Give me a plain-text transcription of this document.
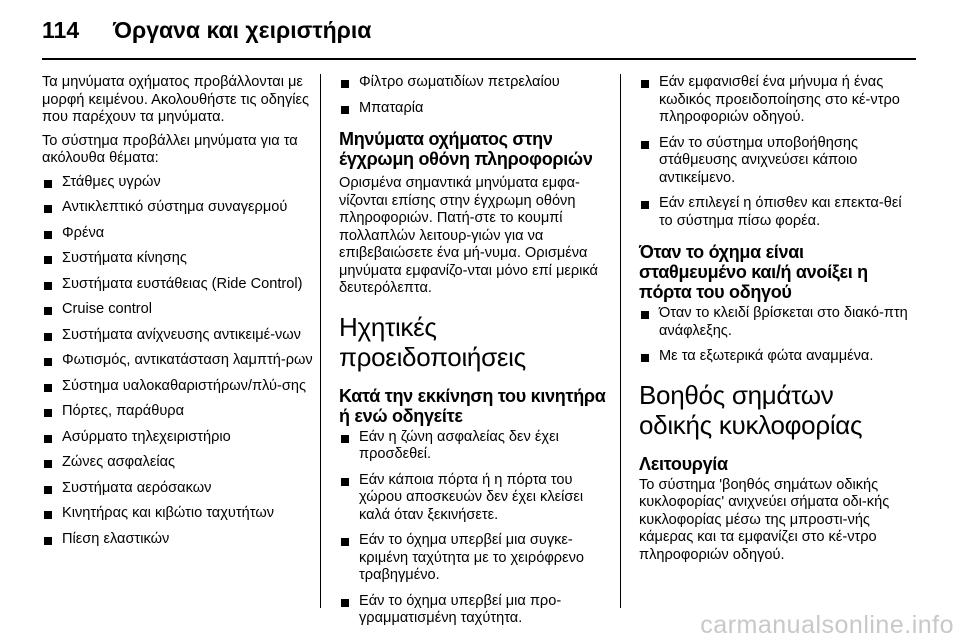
114 Όργανα και χειριστήρια

Τα μηνύματα οχήματος προβάλλονται με μορφή κειμένου. Ακολουθήστε τις οδηγίες που παρέχουν τα μηνύματα.

Το σύστημα προβάλλει μηνύματα για τα ακόλουθα θέματα:

Στάθμες υγρών
Αντικλεπτικό σύστημα συναγερμού
Φρένα
Συστήματα κίνησης
Συστήματα ευστάθειας (Ride Control)
Cruise control
Συστήματα ανίχνευσης αντικειμέ-νων
Φωτισμός, αντικατάσταση λαμπτή-ρων
Σύστημα υαλοκαθαριστήρων/πλύ-σης
Πόρτες, παράθυρα
Ασύρματο τηλεχειριστήριο
Ζώνες ασφαλείας
Συστήματα αερόσακων
Κινητήρας και κιβώτιο ταχυτήτων
Πίεση ελαστικών
Φίλτρο σωματιδίων πετρελαίου
Μπαταρία
Μηνύματα οχήματος στην έγχρωμη οθόνη πληροφοριών

Ορισμένα σημαντικά μηνύματα εμφα-νίζονται επίσης στην έγχρωμη οθόνη πληροφοριών. Πατή-στε το κουμπί πολλαπλών λειτουρ-γιών για να επιβεβαιώσετε ένα μή-νυμα. Ορισμένα μηνύματα εμφανίζο-νται μόνο επί μερικά δευτερόλεπτα.

Ηχητικές προειδοποιήσεις
Κατά την εκκίνηση του κινητήρα ή ενώ οδηγείτε
Εάν η ζώνη ασφαλείας δεν έχει προσδεθεί.
Εάν κάποια πόρτα ή η πόρτα του χώρου αποσκευών δεν έχει κλείσει καλά όταν ξεκινήσετε.
Εάν το όχημα υπερβεί μια συγκε-κριμένη ταχύτητα με το χειρόφρενο τραβηγμένο.
Εάν το όχημα υπερβεί μια προ-γραμματισμένη ταχύτητα.
Εάν εμφανισθεί ένα μήνυμα ή ένας κωδικός προειδοποίησης στο κέ-ντρο πληροφοριών οδηγού.
Εάν το σύστημα υποβοήθησης στάθμευσης ανιχνεύσει κάποιο αντικείμενο.
Εάν επιλεγεί η όπισθεν και επεκτα-θεί το σύστημα πίσω φορέα.
Όταν το όχημα είναι σταθμευμένο και/ή ανοίξει η πόρτα του οδηγού
Όταν το κλειδί βρίσκεται στο διακό-πτη ανάφλεξης.
Με τα εξωτερικά φώτα αναμμένα.
Βοηθός σημάτων οδικής κυκλοφορίας
Λειτουργία

Το σύστημα 'βοηθός σημάτων οδικής κυκλοφορίας' ανιχνεύει σήματα οδι-κής κυκλοφορίας μέσω της μπροστι-νής κάμερας και τα εμφανίζει στο κέ-ντρο πληροφοριών οδηγού.

carmanualsonline.info
